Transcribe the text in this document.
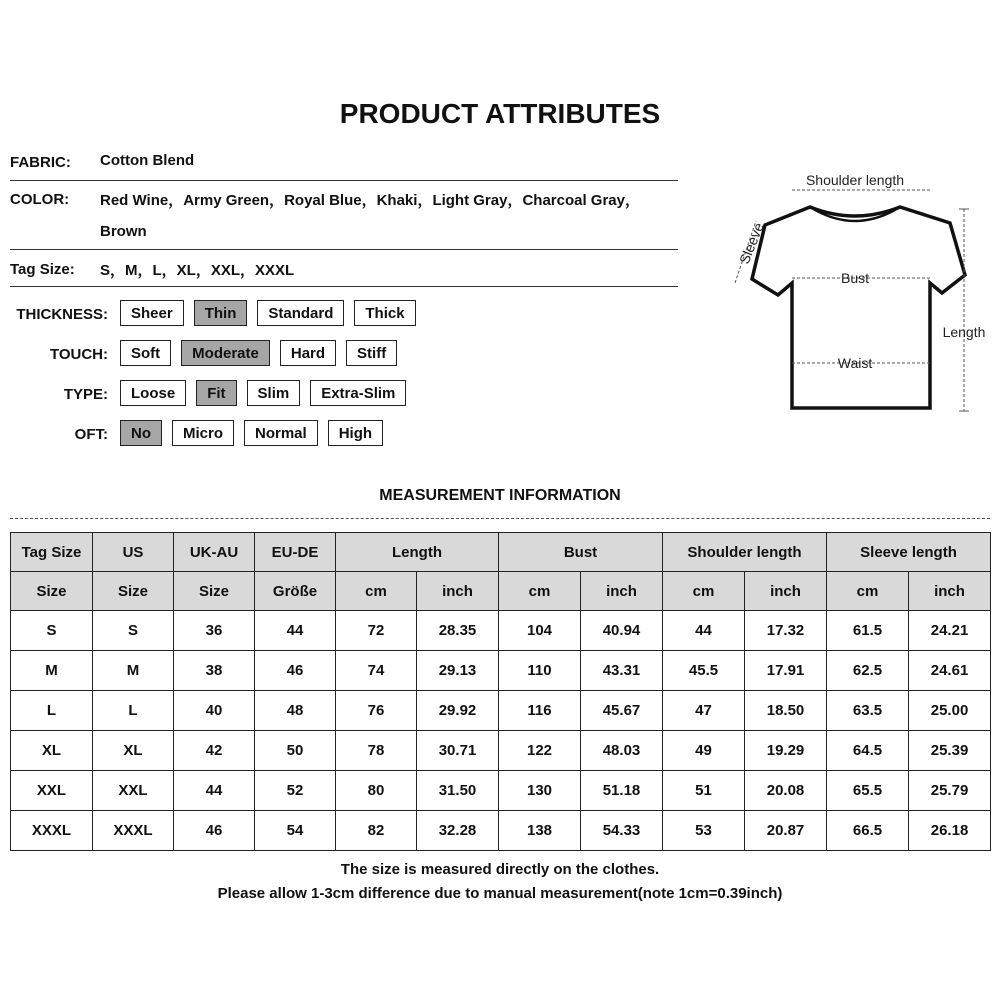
PRODUCT ATTRIBUTES
FABRIC: Cotton Blend
COLOR: Red Wine，Army Green，Royal Blue，Khaki，Light Gray，Charcoal Gray，
Brown
Tag Size: S，M，L，XL，XXL，XXXL
THICKNESS:	Sheer	Thin	Standard	Thick
TOUCH:	Soft	Moderate	Hard	Stiff
TYPE:	Loose	Fit	Slim	Extra-Slim
OFT:	No	Micro	Normal	High
Shoulder length
Sleeve
Bust
Waist
Length
MEASUREMENT INFORMATION
Tag Size	US	UK-AU	EU-DE	Length		Bust		Shoulder length		Sleeve length	
Size	Size	Size	Größe	cm	inch	cm	inch	cm	inch	cm	inch
S	S	36	44	72	28.35	104	40.94	44	17.32	61.5	24.21
M	M	38	46	74	29.13	110	43.31	45.5	17.91	62.5	24.61
L	L	40	48	76	29.92	116	45.67	47	18.50	63.5	25.00
XL	XL	42	50	78	30.71	122	48.03	49	19.29	64.5	25.39
XXL	XXL	44	52	80	31.50	130	51.18	51	20.08	65.5	25.79
XXXL	XXXL	46	54	82	32.28	138	54.33	53	20.87	66.5	26.18
The size is measured directly on the clothes.
Please allow 1-3cm difference due to manual measurement(note 1cm=0.39inch)
